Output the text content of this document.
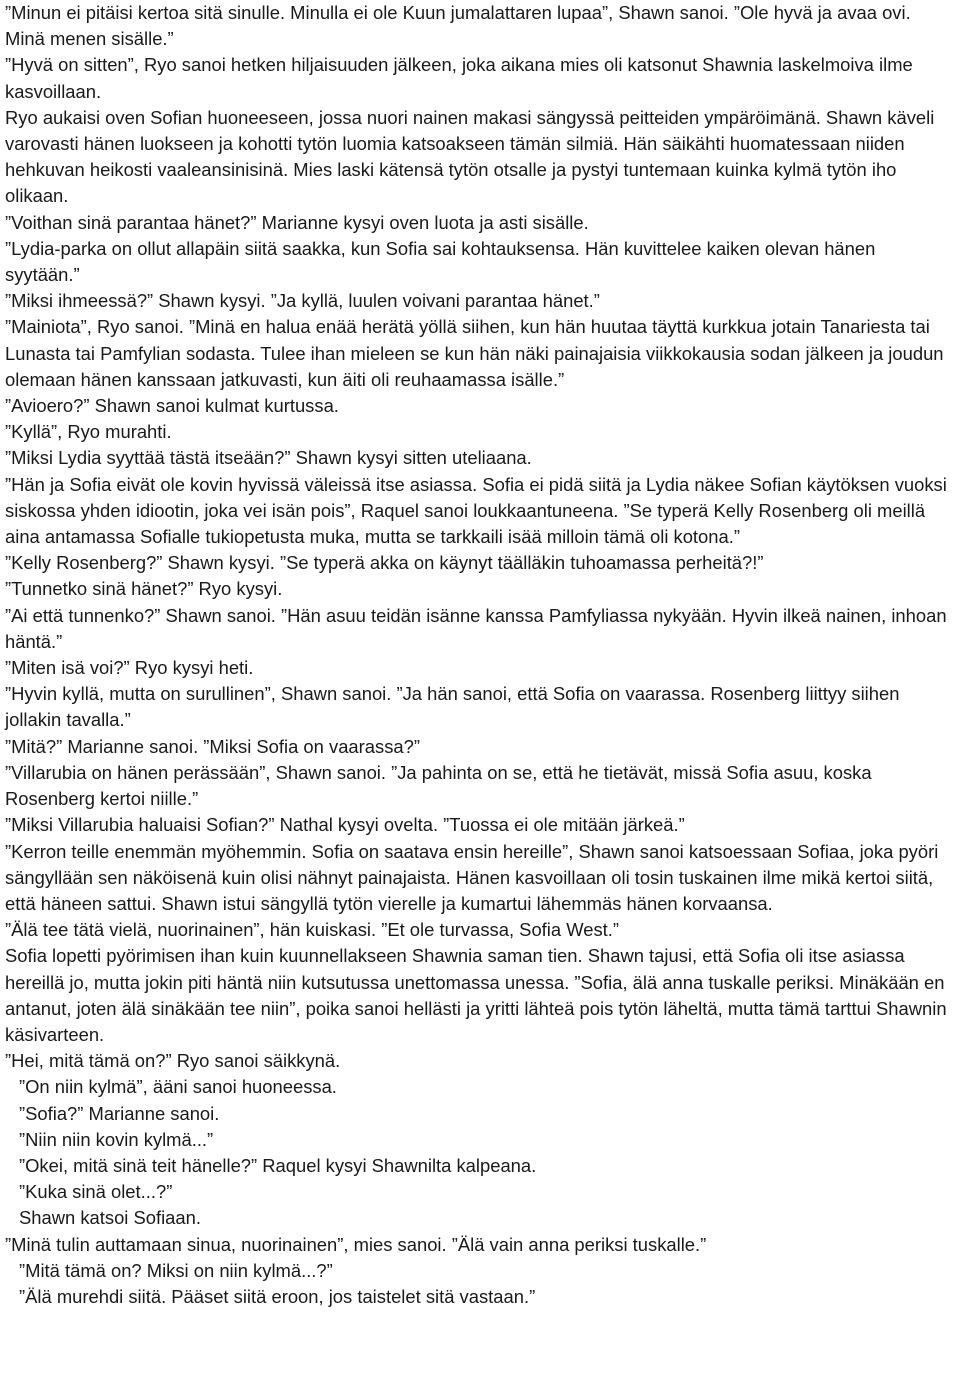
”Minun ei pitäisi kertoa sitä sinulle. Minulla ei ole Kuun jumalattaren lupaa”, Shawn sanoi. ”Ole hyvä ja avaa ovi. Minä menen sisälle.”

”Hyvä on sitten”, Ryo sanoi hetken hiljaisuuden jälkeen, joka aikana mies oli katsonut Shawnia laskelmoiva ilme kasvoillaan.

Ryo aukaisi oven Sofian huoneeseen, jossa nuori nainen makasi sängyssä peitteiden ympäröimänä. Shawn käveli varovasti hänen luokseen ja kohotti tytön luomia katsoakseen tämän silmiä. Hän säikähti huomatessaan niiden hehkuvan heikosti vaaleansinisinä. Mies laski kätensä tytön otsalle ja pystyi tuntemaan kuinka kylmä tytön iho olikaan.

”Voithan sinä parantaa hänet?” Marianne kysyi oven luota ja asti sisälle.

”Lydia-parka on ollut allapäin siitä saakka, kun Sofia sai kohtauksensa. Hän kuvittelee kaiken olevan hänen syytään.”

”Miksi ihmeessä?” Shawn kysyi. ”Ja kyllä, luulen voivani parantaa hänet.”

”Mainiota”, Ryo sanoi. ”Minä en halua enää herätä yöllä siihen, kun hän huutaa täyttä kurkkua jotain Tanariesta tai Lunasta tai Pamfylian sodasta. Tulee ihan mieleen se kun hän näki painajaisia viikkokausia sodan jälkeen ja joudun olemaan hänen kanssaan jatkuvasti, kun äiti oli reuhaamassa isälle.”

”Avioero?” Shawn sanoi kulmat kurtussa.

”Kyllä”, Ryo murahti.

”Miksi Lydia syyttää tästä itseään?” Shawn kysyi sitten uteliaana.

”Hän ja Sofia eivät ole kovin hyvissä väleissä itse asiassa. Sofia ei pidä siitä ja Lydia näkee Sofian käytöksen vuoksi siskossa yhden idiootin, joka vei isän pois”, Raquel sanoi loukkaantuneena. ”Se typerä Kelly Rosenberg oli meillä aina antamassa Sofialle tukiopetusta muka, mutta se tarkkaili isää milloin tämä oli kotona.”

”Kelly Rosenberg?” Shawn kysyi. ”Se typerä akka on käynyt täälläkin tuhoamassa perheitä?!”

”Tunnetko sinä hänet?” Ryo kysyi.

”Ai että tunnenko?” Shawn sanoi. ”Hän asuu teidän isänne kanssa Pamfyliassa nykyään. Hyvin ilkeä nainen, inhoan häntä.”

”Miten isä voi?” Ryo kysyi heti.

”Hyvin kyllä, mutta on surullinen”, Shawn sanoi. ”Ja hän sanoi, että Sofia on vaarassa. Rosenberg liittyy siihen jollakin tavalla.”

”Mitä?” Marianne sanoi. ”Miksi Sofia on vaarassa?”

”Villarubia on hänen perässään”, Shawn sanoi. ”Ja pahinta on se, että he tietävät, missä Sofia asuu, koska Rosenberg kertoi niille.”

”Miksi Villarubia haluaisi Sofian?” Nathal kysyi ovelta. ”Tuossa ei ole mitään järkeä.”

”Kerron teille enemmän myöhemmin. Sofia on saatava ensin hereille”, Shawn sanoi katsoessaan Sofiaa, joka pyöri sängyllään sen näköisenä kuin olisi nähnyt painajaista. Hänen kasvoillaan oli tosin tuskainen ilme mikä kertoi siitä, että häneen sattui. Shawn istui sängyllä tytön vierelle ja kumartui lähemmäs hänen korvaansa.

”Älä tee tätä vielä, nuorinainen”, hän kuiskasi. ”Et ole turvassa, Sofia West.”

Sofia lopetti pyörimisen ihan kuin kuunnellakseen Shawnia saman tien. Shawn tajusi, että Sofia oli itse asiassa hereillä jo, mutta jokin piti häntä niin kutsutussa unettomassa unessa. ”Sofia, älä anna tuskalle periksi. Minäkään en antanut, joten älä sinäkään tee niin”, poika sanoi hellästi ja yritti lähteä pois tytön läheltä, mutta tämä tarttui Shawnin käsivarteen.

”Hei, mitä tämä on?” Ryo sanoi säikkynä.

”On niin kylmä”, ääni sanoi huoneessa.

”Sofia?” Marianne sanoi.

”Niin niin kovin kylmä...”

”Okei, mitä sinä teit hänelle?” Raquel kysyi Shawnilta kalpeana.

”Kuka sinä olet...?”

Shawn katsoi Sofiaan.

”Minä tulin auttamaan sinua, nuorinainen”, mies sanoi. ”Älä vain anna periksi tuskalle.”

”Mitä tämä on? Miksi on niin kylmä...?”

”Älä murehdi siitä. Pääset siitä eroon, jos taistelet sitä vastaan.”
